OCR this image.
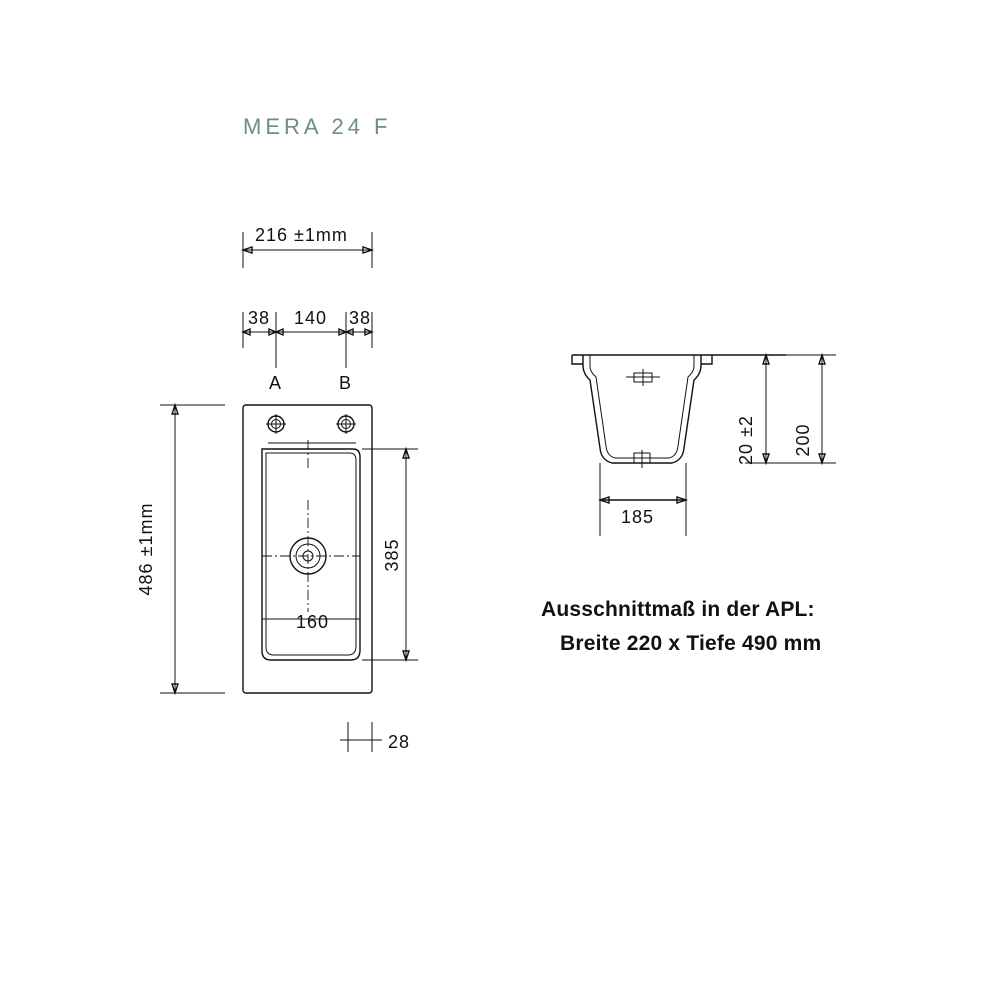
MERA 24 F
Ausschnittmaß in der APL:
Breite 220 x Tiefe 490 mm
216 ±1mm
38 140 38
A	B
160
28
486 ±1mm	385
20 ±2 200
185
